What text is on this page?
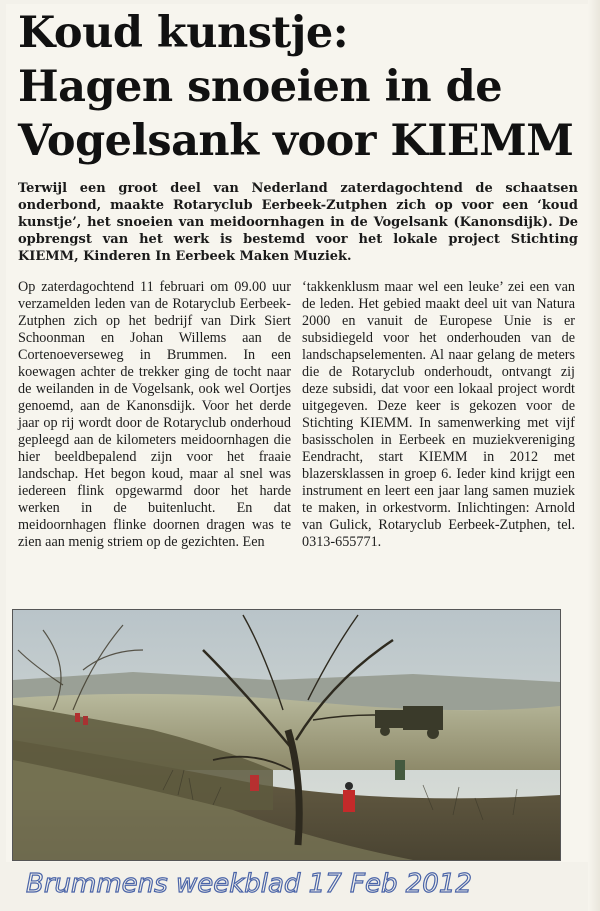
Koud kunstje:
Hagen snoeien in de
Vogelsank voor KIEMM
Terwijl een groot deel van Nederland zaterdagochtend de schaatsen onderbond, maakte Rotaryclub Eerbeek-Zutphen zich op voor een ‘koud kunstje’, het snoeien van meidoornhagen in de Vogelsank (Kanonsdijk). De opbrengst van het werk is bestemd voor het lokale project Stichting KIEMM, Kinderen In Eerbeek Maken Muziek.
Op zaterdagochtend 11 februari om 09.00 uur verzamelden leden van de Rotaryclub Eerbeek-Zutphen zich op het bedrijf van Dirk Siert Schoonman en Johan Willems aan de Cortenoeverseweg in Brummen. In een koewagen achter de trekker ging de tocht naar de weilanden in de Vogelsank, ook wel Oortjes genoemd, aan de Kanonsdijk. Voor het derde jaar op rij wordt door de Rotaryclub onderhoud gepleegd aan de kilometers meidoornhagen die hier beeldbepalend zijn voor het fraaie landschap. Het begon koud, maar al snel was iedereen flink opgewarmd door het harde werken in de buitenlucht. En dat meidoornhagen flinke doornen dragen was te zien aan menig striem op de gezichten. Een
‘takkenklusm maar wel een leuke’ zei een van de leden. Het gebied maakt deel uit van Natura 2000 en vanuit de Europese Unie is er subsidiegeld voor het onderhouden van de landschapselementen. Al naar gelang de meters die de Rotaryclub onderhoudt, ontvangt zij deze subsidi, dat voor een lokaal project wordt uitgegeven. Deze keer is gekozen voor de Stichting KIEMM. In samenwerking met vijf basisscholen in Eerbeek en muziekvereniging Eendracht, start KIEMM in 2012 met blazersklassen in groep 6. Ieder kind krijgt een instrument en leert een jaar lang samen muziek te maken, in orkestvorm. Inlichtingen: Arnold van Gulick, Rotaryclub Eerbeek-Zutphen, tel. 0313-655771.
Brummens weekblad 17 Feb 2012
